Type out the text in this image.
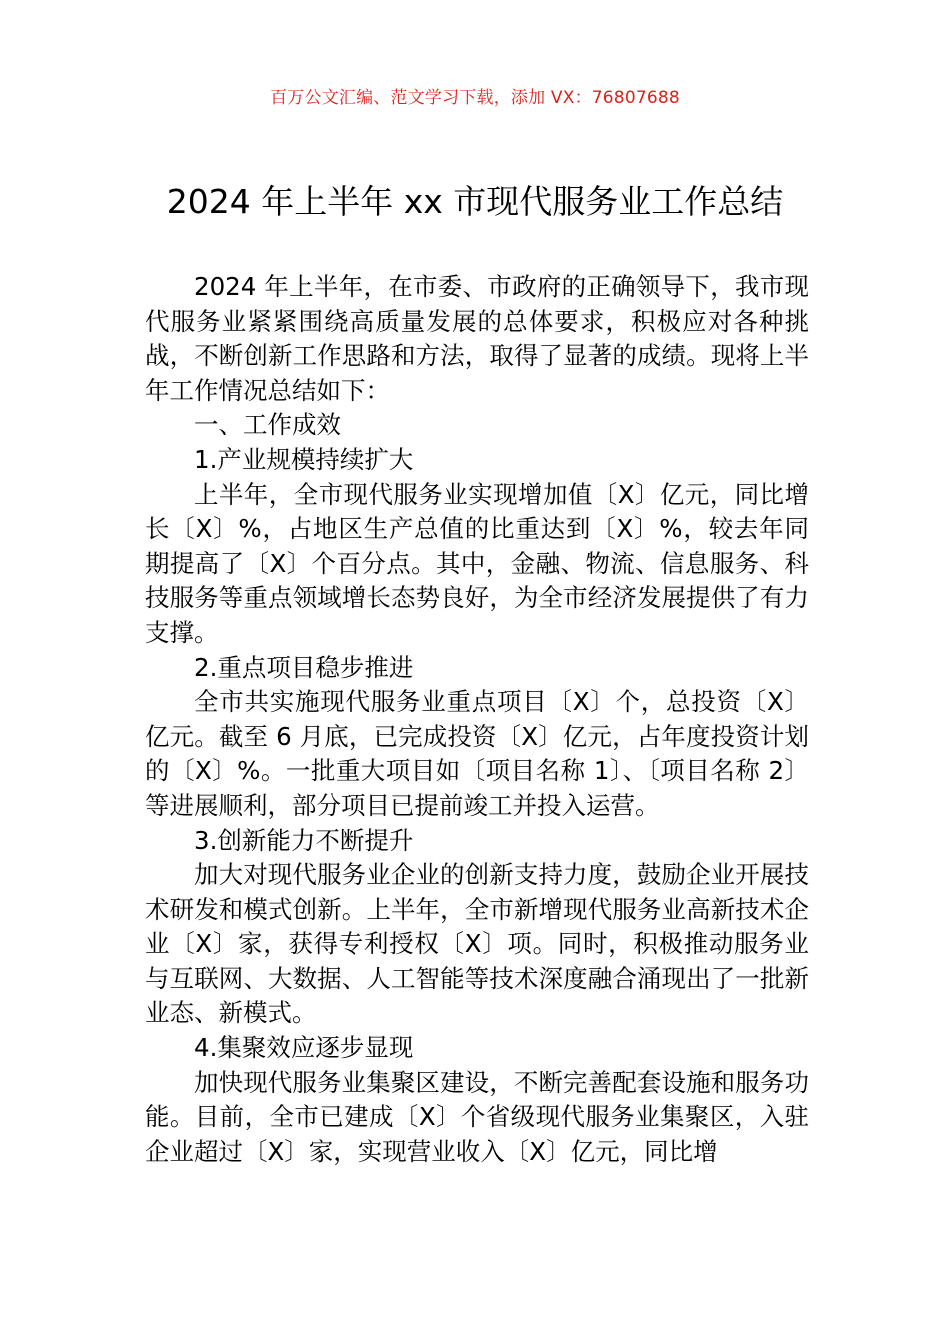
百万公文汇编、范文学习下载，添加 VX：76807688
2024 年上半年 xx 市现代服务业工作总结

2024 年上半年，在市委、市政府的正确领导下，我市现代服务业紧紧围绕高质量发展的总体要求，积极应对各种挑战，不断创新工作思路和方法，取得了显著的成绩。现将上半年工作情况总结如下：

一、工作成效

1.产业规模持续扩大

上半年，全市现代服务业实现增加值〔X〕亿元，同比增长〔X〕%，占地区生产总值的比重达到〔X〕%，较去年同期提高了〔X〕个百分点。其中，金融、物流、信息服务、科技服务等重点领域增长态势良好，为全市经济发展提供了有力支撑。

2.重点项目稳步推进

全市共实施现代服务业重点项目〔X〕个，总投资〔X〕亿元。截至 6 月底，已完成投资〔X〕亿元，占年度投资计划的〔X〕%。一批重大项目如〔项目名称 1〕、〔项目名称 2〕等进展顺利，部分项目已提前竣工并投入运营。

3.创新能力不断提升

加大对现代服务业企业的创新支持力度，鼓励企业开展技术研发和模式创新。上半年，全市新增现代服务业高新技术企业〔X〕家，获得专利授权〔X〕项。同时，积极推动服务业与互联网、大数据、人工智能等技术深度融合涌现出了一批新业态、新模式。

4.集聚效应逐步显现

加快现代服务业集聚区建设，不断完善配套设施和服务功能。目前，全市已建成〔X〕个省级现代服务业集聚区，入驻企业超过〔X〕家，实现营业收入〔X〕亿元，同比增
